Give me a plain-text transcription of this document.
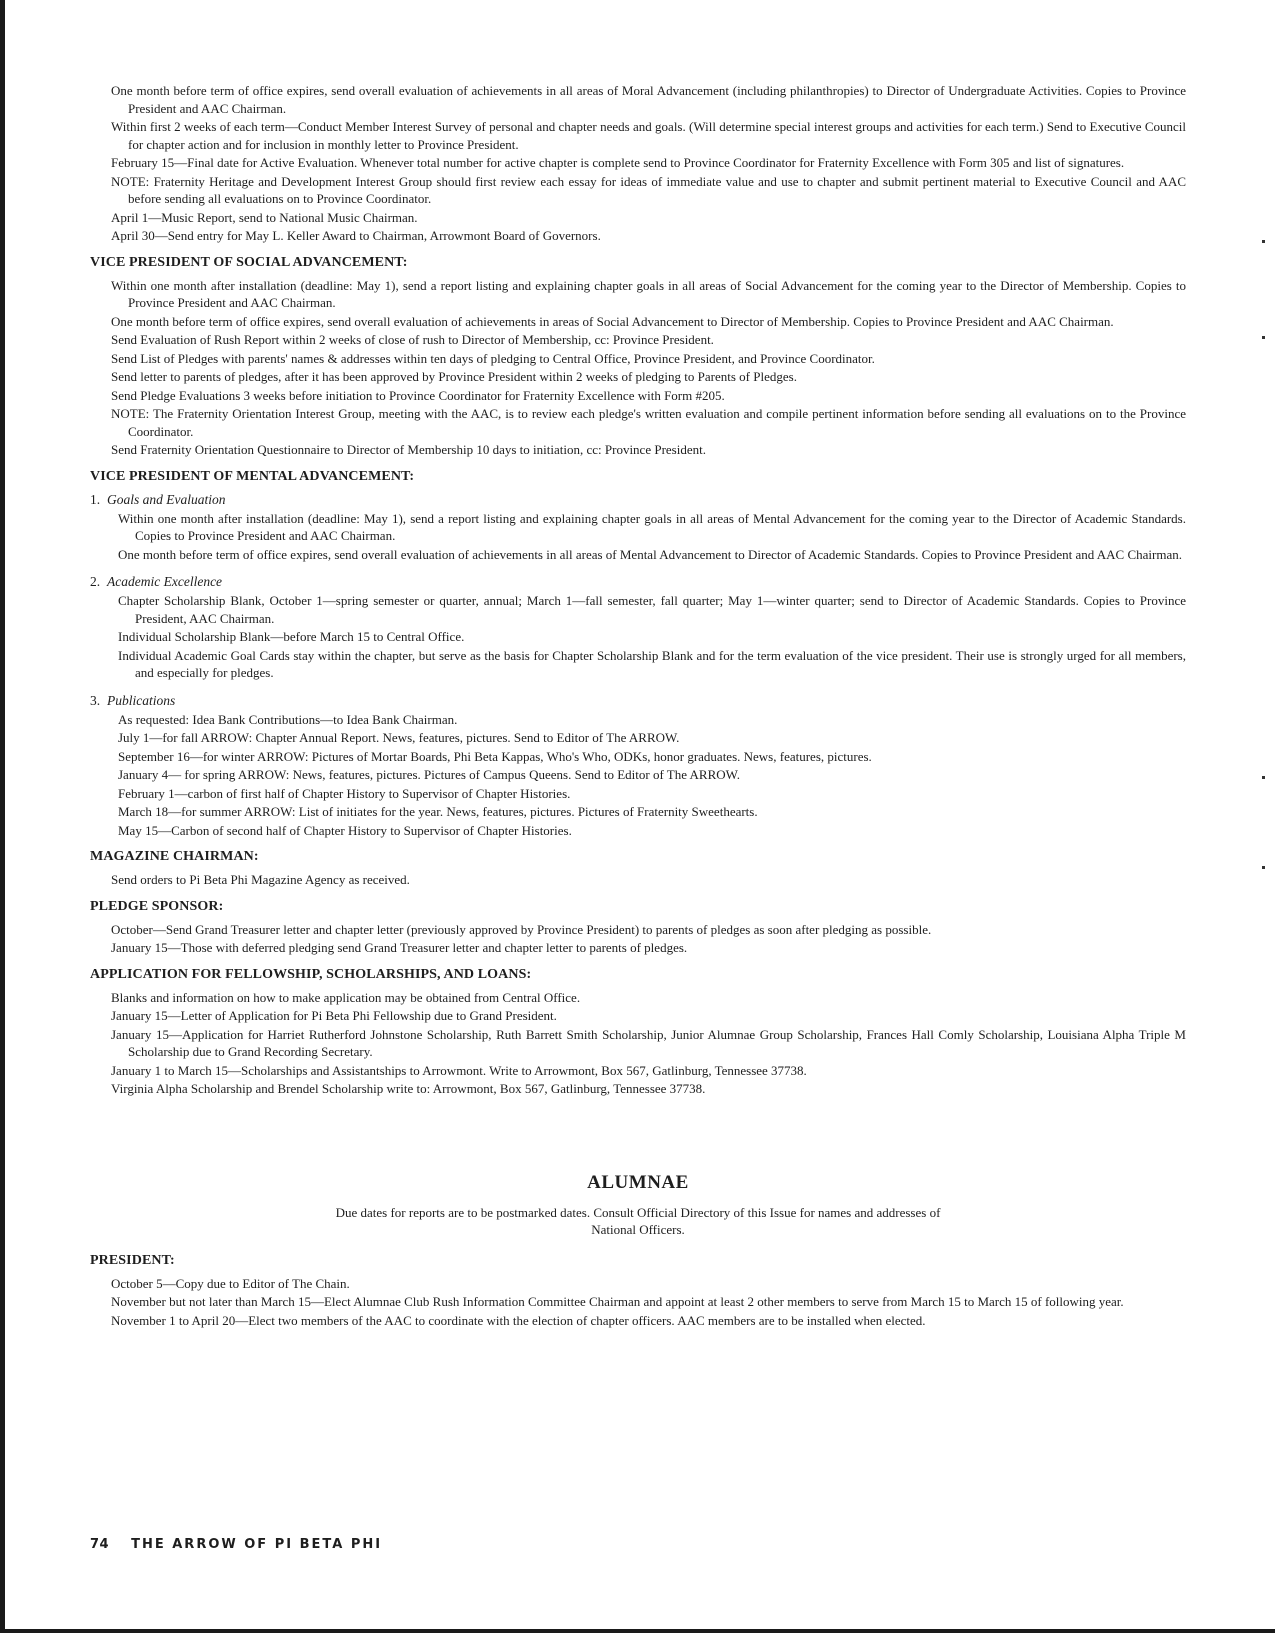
One month before term of office expires, send overall evaluation of achievements in all areas of Moral Advancement (including philanthropies) to Director of Undergraduate Activities. Copies to Province President and AAC Chairman.

Within first 2 weeks of each term—Conduct Member Interest Survey of personal and chapter needs and goals. (Will determine special interest groups and activities for each term.) Send to Executive Council for chapter action and for inclusion in monthly letter to Province President.

February 15—Final date for Active Evaluation. Whenever total number for active chapter is complete send to Province Coordinator for Fraternity Excellence with Form 305 and list of signatures.

NOTE: Fraternity Heritage and Development Interest Group should first review each essay for ideas of immediate value and use to chapter and submit pertinent material to Executive Council and AAC before sending all evaluations on to Province Coordinator.

April 1—Music Report, send to National Music Chairman.

April 30—Send entry for May L. Keller Award to Chairman, Arrowmont Board of Governors.

VICE PRESIDENT OF SOCIAL ADVANCEMENT:

Within one month after installation (deadline: May 1), send a report listing and explaining chapter goals in all areas of Social Advancement for the coming year to the Director of Membership. Copies to Province President and AAC Chairman.

One month before term of office expires, send overall evaluation of achievements in areas of Social Advancement to Director of Membership. Copies to Province President and AAC Chairman.

Send Evaluation of Rush Report within 2 weeks of close of rush to Director of Membership, cc: Province President.

Send List of Pledges with parents' names & addresses within ten days of pledging to Central Office, Province President, and Province Coordinator.

Send letter to parents of pledges, after it has been approved by Province President within 2 weeks of pledging to Parents of Pledges.

Send Pledge Evaluations 3 weeks before initiation to Province Coordinator for Fraternity Excellence with Form #205.

NOTE: The Fraternity Orientation Interest Group, meeting with the AAC, is to review each pledge's written evaluation and compile pertinent information before sending all evaluations on to the Province Coordinator.

Send Fraternity Orientation Questionnaire to Director of Membership 10 days to initiation, cc: Province President.

VICE PRESIDENT OF MENTAL ADVANCEMENT:
1. Goals and Evaluation

Within one month after installation (deadline: May 1), send a report listing and explaining chapter goals in all areas of Mental Advancement for the coming year to the Director of Academic Standards. Copies to Province President and AAC Chairman.

One month before term of office expires, send overall evaluation of achievements in all areas of Mental Advancement to Director of Academic Standards. Copies to Province President and AAC Chairman.

2. Academic Excellence

Chapter Scholarship Blank, October 1—spring semester or quarter, annual; March 1—fall semester, fall quarter; May 1—winter quarter; send to Director of Academic Standards. Copies to Province President, AAC Chairman.

Individual Scholarship Blank—before March 15 to Central Office.

Individual Academic Goal Cards stay within the chapter, but serve as the basis for Chapter Scholarship Blank and for the term evaluation of the vice president. Their use is strongly urged for all members, and especially for pledges.

3. Publications

As requested: Idea Bank Contributions—to Idea Bank Chairman.

July 1—for fall ARROW: Chapter Annual Report. News, features, pictures. Send to Editor of The ARROW.

September 16—for winter ARROW: Pictures of Mortar Boards, Phi Beta Kappas, Who's Who, ODKs, honor graduates. News, features, pictures.

January 4— for spring ARROW: News, features, pictures. Pictures of Campus Queens. Send to Editor of The ARROW.

February 1—carbon of first half of Chapter History to Supervisor of Chapter Histories.

March 18—for summer ARROW: List of initiates for the year. News, features, pictures. Pictures of Fraternity Sweethearts.

May 15—Carbon of second half of Chapter History to Supervisor of Chapter Histories.

MAGAZINE CHAIRMAN:

Send orders to Pi Beta Phi Magazine Agency as received.

PLEDGE SPONSOR:

October—Send Grand Treasurer letter and chapter letter (previously approved by Province President) to parents of pledges as soon after pledging as possible.

January 15—Those with deferred pledging send Grand Treasurer letter and chapter letter to parents of pledges.

APPLICATION FOR FELLOWSHIP, SCHOLARSHIPS, AND LOANS:

Blanks and information on how to make application may be obtained from Central Office.

January 15—Letter of Application for Pi Beta Phi Fellowship due to Grand President.

January 15—Application for Harriet Rutherford Johnstone Scholarship, Ruth Barrett Smith Scholarship, Junior Alumnae Group Scholarship, Frances Hall Comly Scholarship, Louisiana Alpha Triple M Scholarship due to Grand Recording Secretary.

January 1 to March 15—Scholarships and Assistantships to Arrowmont. Write to Arrowmont, Box 567, Gatlinburg, Tennessee 37738.

Virginia Alpha Scholarship and Brendel Scholarship write to: Arrowmont, Box 567, Gatlinburg, Tennessee 37738.

ALUMNAE
Due dates for reports are to be postmarked dates. Consult Official Directory of this Issue for names and addresses of National Officers.
PRESIDENT:

October 5—Copy due to Editor of The Chain.

November but not later than March 15—Elect Alumnae Club Rush Information Committee Chairman and appoint at least 2 other members to serve from March 15 to March 15 of following year.

November 1 to April 20—Elect two members of the AAC to coordinate with the election of chapter officers. AAC members are to be installed when elected.

74 THE ARROW OF PI BETA PHI
